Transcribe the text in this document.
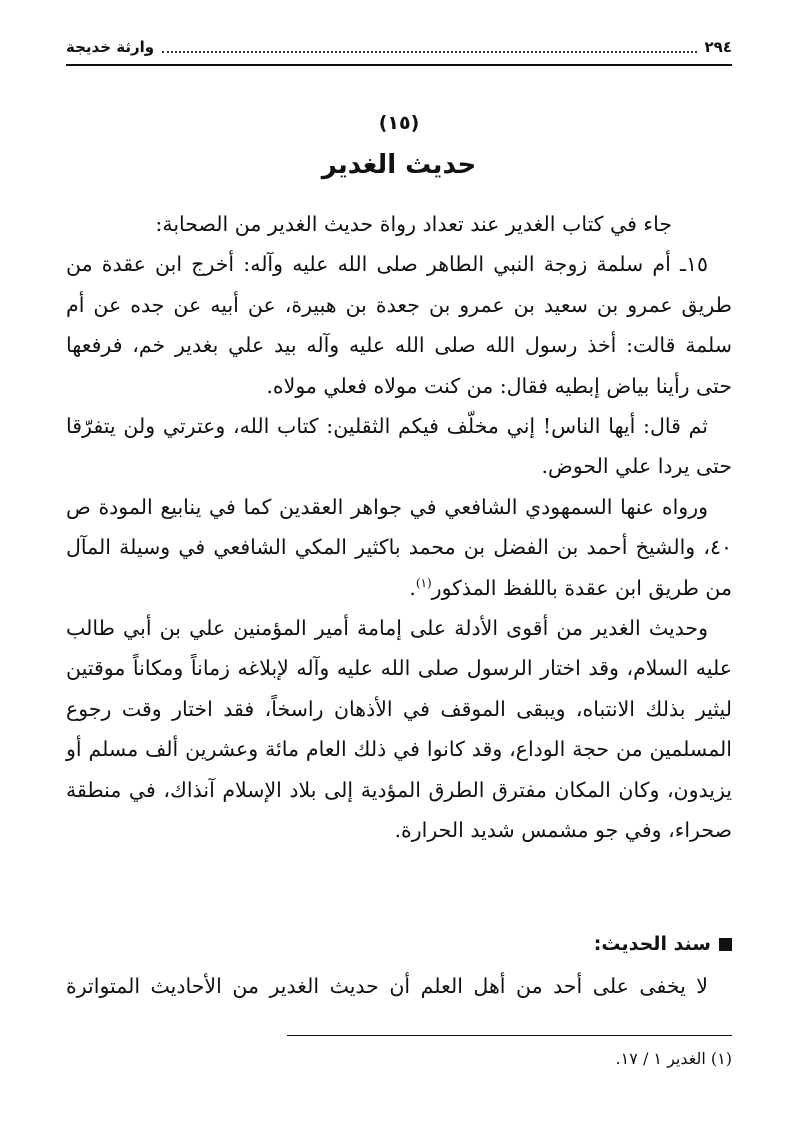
٢٩٤
وارثة خديجة
(١٥)
حديث الغدير

جاء في كتاب الغدير عند تعداد رواة حديث الغدير من الصحابة:

١٥ـ أم سلمة زوجة النبي الطاهر صلى الله عليه وآله: أخرج ابن عقدة من طريق عمرو بن سعيد بن عمرو بن جعدة بن هبيرة، عن أبيه عن جده عن أم سلمة قالت: أخذ رسول الله صلى الله عليه وآله بيد علي بغدير خم، فرفعها حتى رأينا بياض إبطيه فقال: من كنت مولاه فعلي مولاه.

ثم قال: أيها الناس! إني مخلّف فيكم الثقلين: كتاب الله، وعترتي ولن يتفرّقا حتى يردا علي الحوض.

ورواه عنها السمهودي الشافعي في جواهر العقدين كما في ينابيع المودة ص ٤٠، والشيخ أحمد بن الفضل بن محمد باكثير المكي الشافعي في وسيلة المآل من طريق ابن عقدة باللفظ المذكور$^{(١)}$.

وحديث الغدير من أقوى الأدلة على إمامة أمير المؤمنين علي بن أبي طالب عليه السلام، وقد اختار الرسول صلى الله عليه وآله لإبلاغه زماناً ومكاناً موقتين ليثير بذلك الانتباه، ويبقى الموقف في الأذهان راسخاً، فقد اختار وقت رجوع المسلمين من حجة الوداع، وقد كانوا في ذلك العام مائة وعشرين ألف مسلم أو يزيدون، وكان المكان مفترق الطرق المؤدية إلى بلاد الإسلام آنذاك، في منطقة صحراء، وفي جو مشمس شديد الحرارة.

سند الحديث:
لا يخفى على أحد من أهل العلم أن حديث الغدير من الأحاديث المتواترة
(١) الغدير ١ / ١٧.
